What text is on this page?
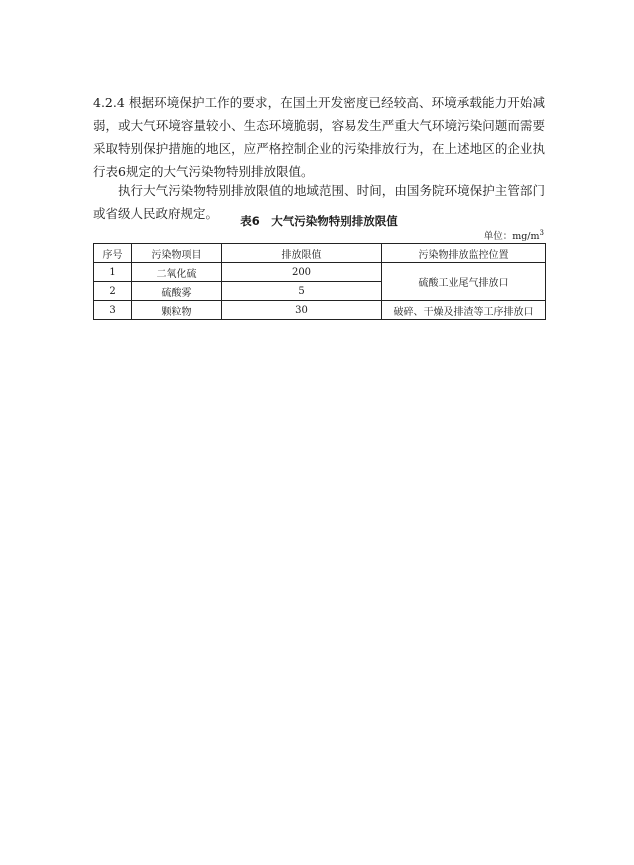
4.2.4 根据环境保护工作的要求，在国土开发密度已经较高、环境承载能力开始减弱，或大气环境容量较小、生态环境脆弱，容易发生严重大气环境污染问题而需要采取特别保护措施的地区，应严格控制企业的污染排放行为，在上述地区的企业执行表6规定的大气污染物特别排放限值。

执行大气污染物特别排放限值的地域范围、时间，由国务院环境保护主管部门或省级人民政府规定。	表6　大气污染物特别排放限值

单位：$mg/m^3$
序号	污染物项目	排放限值	污染物排放监控位置
1	二氧化硫	200	硫酸工业尾气排放口
2	硫酸雾	5	
3	颗粒物	30	破碎、干燥及排渣等工序排放口
